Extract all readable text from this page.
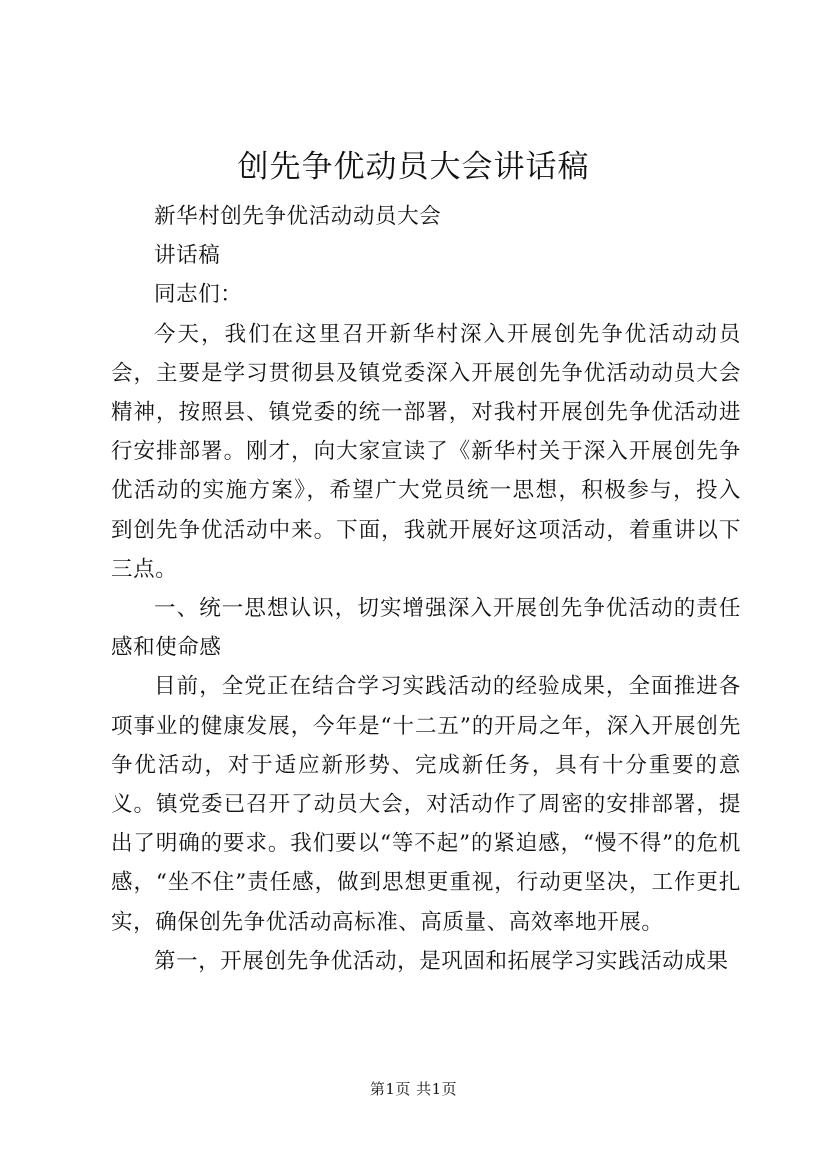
创先争优动员大会讲话稿

新华村创先争优活动动员大会

讲话稿

同志们：

今天，我们在这里召开新华村深入开展创先争优活动动员会，主要是学习贯彻县及镇党委深入开展创先争优活动动员大会精神，按照县、镇党委的统一部署，对我村开展创先争优活动进行安排部署。刚才，向大家宣读了《新华村关于深入开展创先争优活动的实施方案》，希望广大党员统一思想，积极参与，投入到创先争优活动中来。下面，我就开展好这项活动，着重讲以下三点。

一、统一思想认识，切实增强深入开展创先争优活动的责任感和使命感

目前，全党正在结合学习实践活动的经验成果，全面推进各项事业的健康发展，今年是“十二五”的开局之年，深入开展创先争优活动，对于适应新形势、完成新任务，具有十分重要的意义。镇党委已召开了动员大会，对活动作了周密的安排部署，提出了明确的要求。我们要以“等不起”的紧迫感，“慢不得”的危机感，“坐不住”责任感，做到思想更重视，行动更坚决，工作更扎实，确保创先争优活动高标准、高质量、高效率地开展。

第一，开展创先争优活动，是巩固和拓展学习实践活动成果

第1页 共1页
